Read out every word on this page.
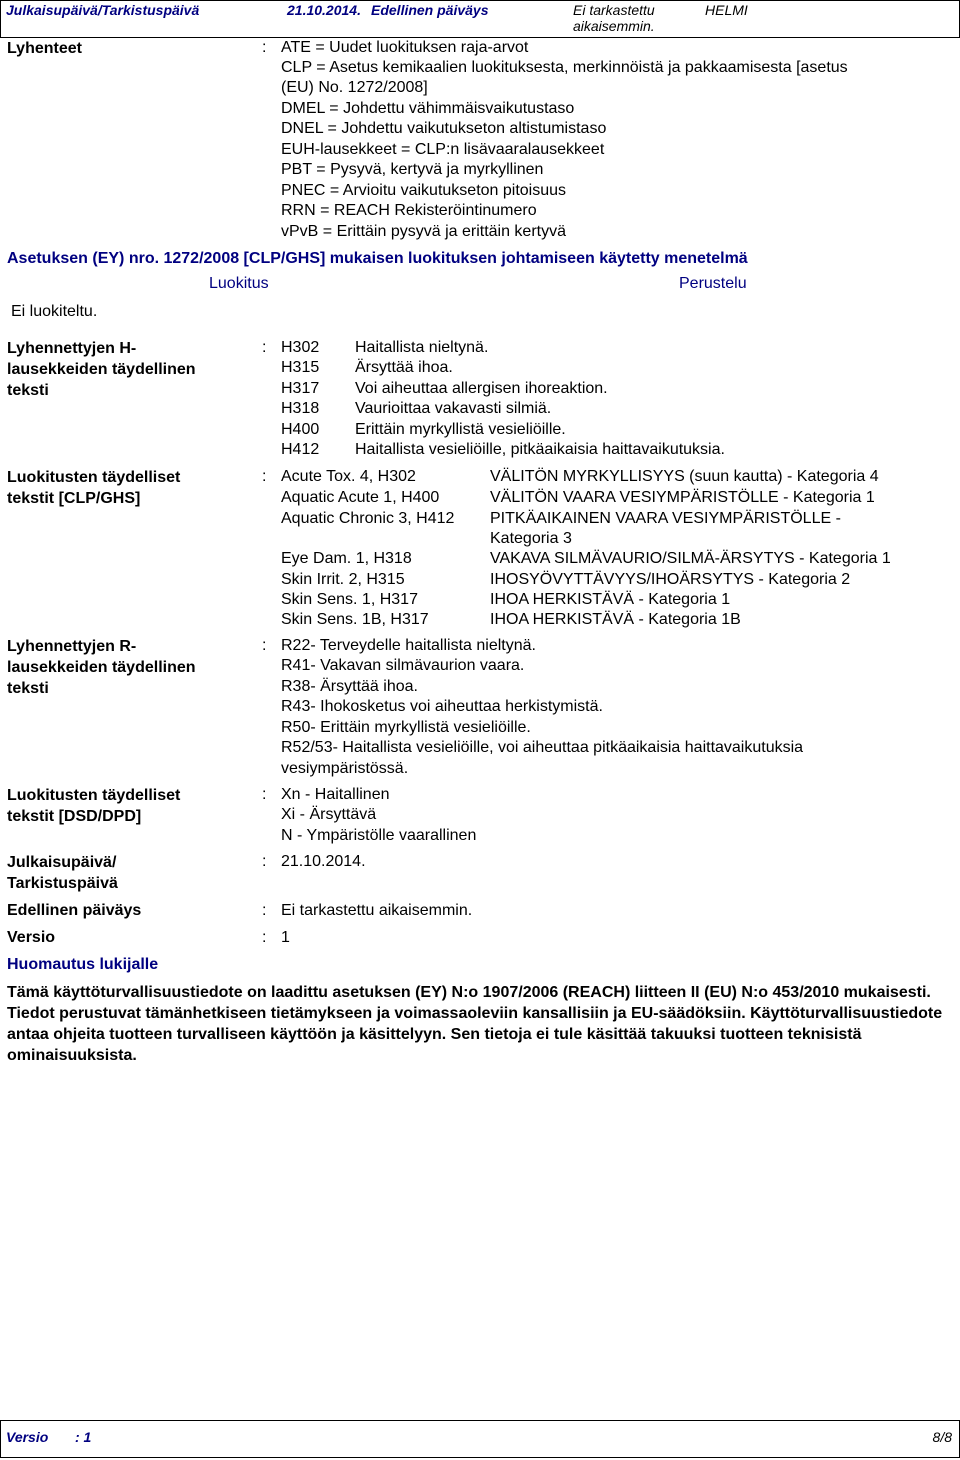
Julkaisupäivä/Tarkistuspäivä	21.10.2014. Edellinen päiväys	Ei tarkastettu
aikaisemmin.
HELMI
Lyhenteet	: ATE = Uudet luokituksen raja-arvot
CLP = Asetus kemikaalien luokituksesta, merkinnöistä ja pakkaamisesta [asetus
(EU) No. 1272/2008]
DMEL = Johdettu vähimmäisvaikutustaso
DNEL = Johdettu vaikutukseton altistumistaso
EUH-lausekkeet = CLP:n lisävaaralausekkeet
PBT = Pysyvä, kertyvä ja myrkyllinen
PNEC = Arvioitu vaikutukseton pitoisuus
RRN = REACH Rekisteröintinumero
vPvB = Erittäin pysyvä ja erittäin kertyvä
Asetuksen (EY) nro. 1272/2008 [CLP/GHS] mukaisen luokituksen johtamiseen käytetty menetelmä
Luokitus	Perustelu
Ei luokiteltu.
Lyhennettyjen H-
lausekkeiden täydellinen
teksti
: H302 Haitallista nieltynä.
H315 Ärsyttää ihoa.
H317 Voi aiheuttaa allergisen ihoreaktion.
H318 Vaurioittaa vakavasti silmiä.
H400 Erittäin myrkyllistä vesieliöille.
H412 Haitallista vesieliöille, pitkäaikaisia haittavaikutuksia.
Luokitusten täydelliset
tekstit [CLP/GHS]
: Acute Tox. 4, H302	VÄLITÖN MYRKYLLISYYS (suun kautta) - Kategoria 4
Aquatic Acute 1, H400	VÄLITÖN VAARA VESIYMPÄRISTÖLLE - Kategoria 1
Aquatic Chronic 3, H412 PITKÄAIKAINEN VAARA VESIYMPÄRISTÖLLE -
Kategoria 3
Eye Dam. 1, H318	VAKAVA SILMÄVAURIO/SILMÄ-ÄRSYTYS - Kategoria 1
Skin Irrit. 2, H315	IHOSYÖVYTTÄVYYS/IHOÄRSYTYS - Kategoria 2
Skin Sens. 1, H317	IHOA HERKISTÄVÄ - Kategoria 1
Skin Sens. 1B, H317	IHOA HERKISTÄVÄ - Kategoria 1B
Lyhennettyjen R-
lausekkeiden täydellinen
teksti
: R22- Terveydelle haitallista nieltynä.
R41- Vakavan silmävaurion vaara.
R38- Ärsyttää ihoa.
R43- Ihokosketus voi aiheuttaa herkistymistä.
R50- Erittäin myrkyllistä vesieliöille.
R52/53- Haitallista vesieliöille, voi aiheuttaa pitkäaikaisia haittavaikutuksia
vesiympäristössä.
Luokitusten täydelliset
tekstit [DSD/DPD]
: Xn - Haitallinen
Xi - Ärsyttävä
N - Ympäristölle vaarallinen
Julkaisupäivä/
Tarkistuspäivä
: 21.10.2014.
Edellinen päiväys	: Ei tarkastettu aikaisemmin.
Versio	: 1
Huomautus lukijalle
Tämä käyttöturvallisuustiedote on laadittu asetuksen (EY) N:o 1907/2006 (REACH) liitteen II (EU) N:o 453/2010 mukaisesti. Tiedot perustuvat tämänhetkiseen tietämykseen ja voimassaoleviin kansallisiin ja EU-säädöksiin. Käyttöturvallisuustiedote antaa ohjeita tuotteen turvalliseen käyttöön ja käsittelyyn. Sen tietoja ei tule käsittää takuuksi tuotteen teknisistä ominaisuuksista.
Versio : 1	8/8
